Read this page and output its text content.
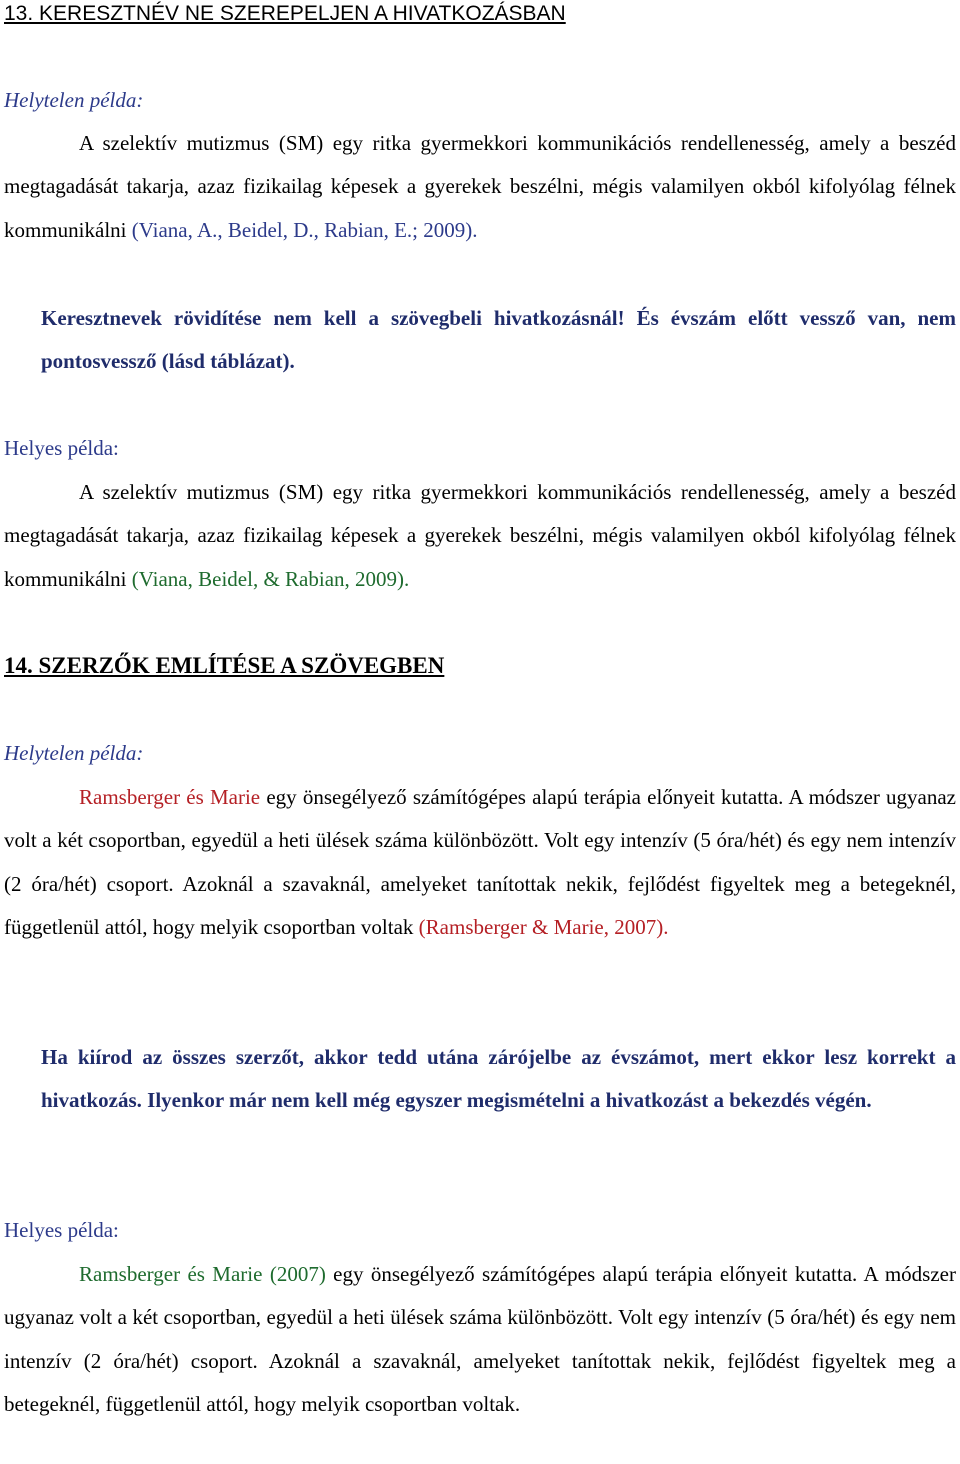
13. KERESZTNÉV NE SZEREPELJEN A HIVATKOZÁSBAN

Helytelen példa:

A szelektív mutizmus (SM) egy ritka gyermekkori kommunikációs rendellenesség, amely a beszéd megtagadását takarja, azaz fizikailag képesek a gyerekek beszélni, mégis valamilyen okból kifolyólag félnek kommunikálni (Viana, A., Beidel, D., Rabian, E.; 2009).

Keresztnevek rövidítése nem kell a szövegbeli hivatkozásnál! És évszám előtt vessző van, nem pontosvessző (lásd táblázat).

Helyes példa:

A szelektív mutizmus (SM) egy ritka gyermekkori kommunikációs rendellenesség, amely a beszéd megtagadását takarja, azaz fizikailag képesek a gyerekek beszélni, mégis valamilyen okból kifolyólag félnek kommunikálni (Viana, Beidel, & Rabian, 2009).

14. SZERZŐK EMLÍTÉSE A SZÖVEGBEN

Helytelen példa:

Ramsberger és Marie egy önsegélyező számítógépes alapú terápia előnyeit kutatta. A módszer ugyanaz volt a két csoportban, egyedül a heti ülések száma különbözött. Volt egy intenzív (5 óra/hét) és egy nem intenzív (2 óra/hét) csoport. Azoknál a szavaknál, amelyeket tanítottak nekik, fejlődést figyeltek meg a betegeknél, függetlenül attól, hogy melyik csoportban voltak (Ramsberger & Marie, 2007).

Ha kiírod az összes szerzőt, akkor tedd utána zárójelbe az évszámot, mert ekkor lesz korrekt a hivatkozás. Ilyenkor már nem kell még egyszer megismételni a hivatkozást a bekezdés végén.

Helyes példa:

Ramsberger és Marie (2007) egy önsegélyező számítógépes alapú terápia előnyeit kutatta. A módszer ugyanaz volt a két csoportban, egyedül a heti ülések száma különbözött. Volt egy intenzív (5 óra/hét) és egy nem intenzív (2 óra/hét) csoport. Azoknál a szavaknál, amelyeket tanítottak nekik, fejlődést figyeltek meg a betegeknél, függetlenül attól, hogy melyik csoportban voltak.
